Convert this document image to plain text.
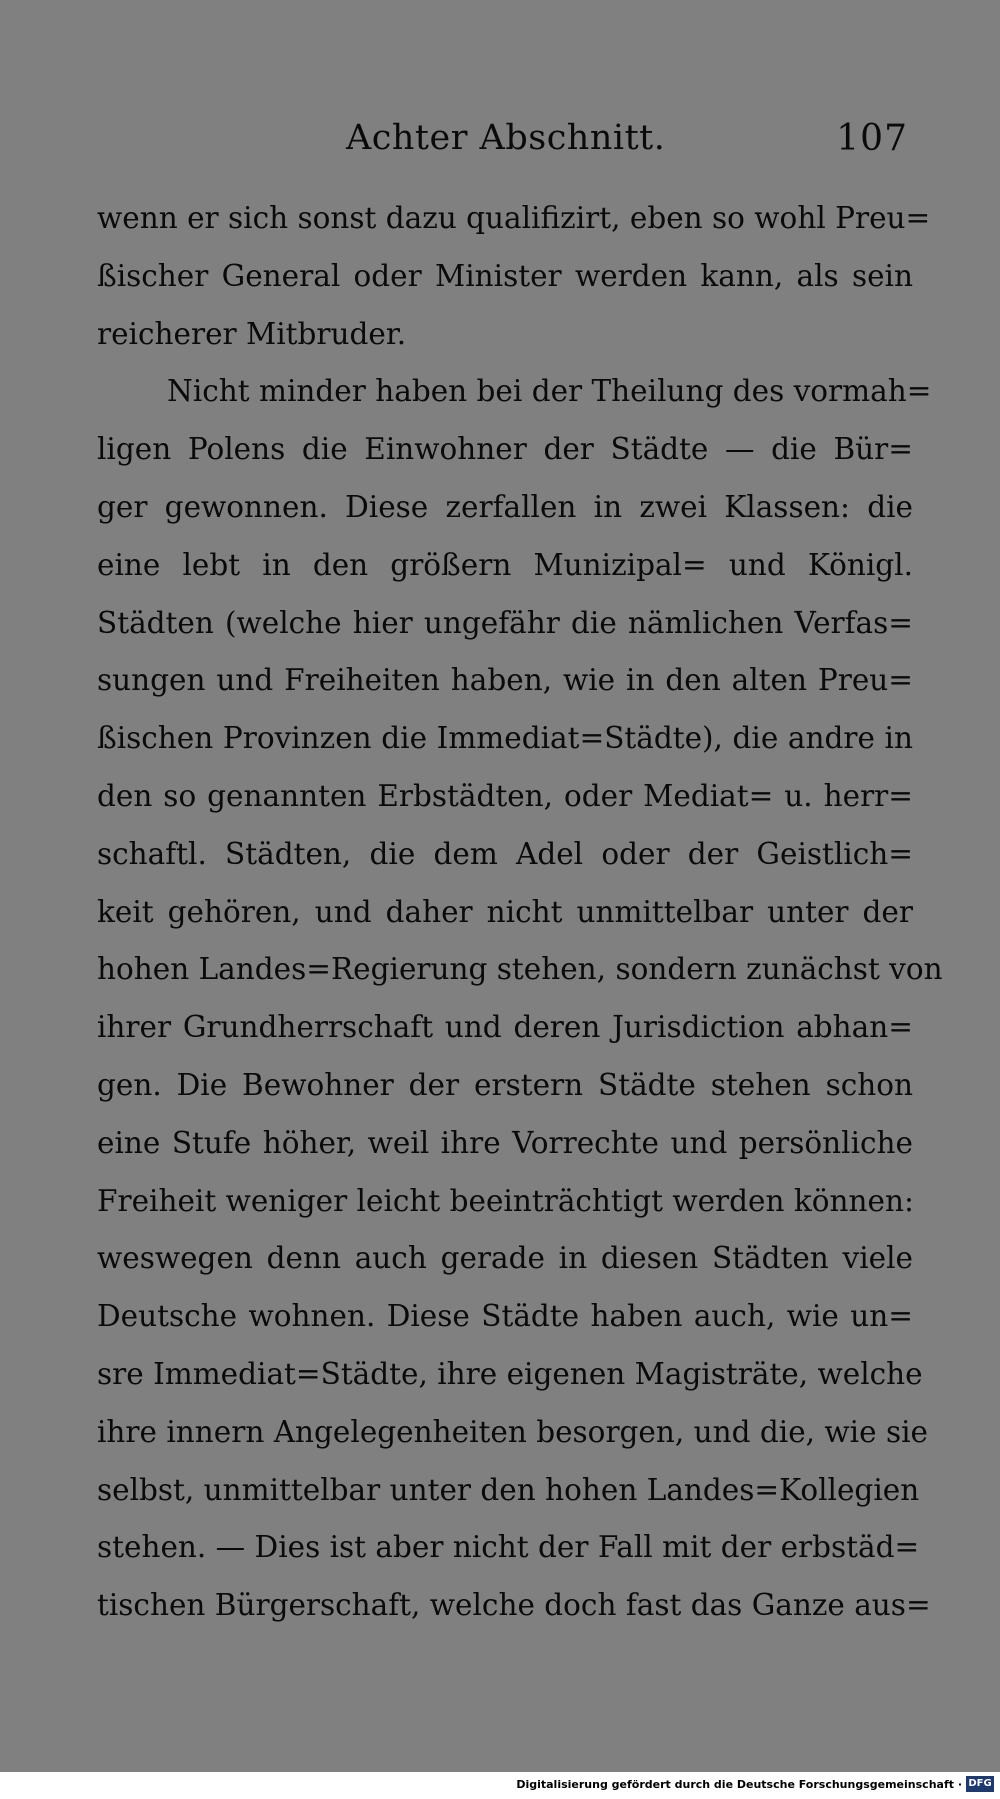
Achter Abschnitt.	107
wenn er sich sonst dazu qualifizirt, eben so wohl Preu=
ßischer General oder Minister werden kann, als sein
reicherer Mitbruder.
Nicht minder haben bei der Theilung des vormah=
ligen Polens die Einwohner der Städte — die Bür=
ger gewonnen. Diese zerfallen in zwei Klassen: die
eine lebt in den größern Munizipal= und Königl.
Städten (welche hier ungefähr die nämlichen Verfas=
sungen und Freiheiten haben, wie in den alten Preu=
ßischen Provinzen die Immediat=Städte), die andre in
den so genannten Erbstädten, oder Mediat= u. herr=
schaftl. Städten, die dem Adel oder der Geistlich=
keit gehören, und daher nicht unmittelbar unter der
hohen Landes=Regierung stehen, sondern zunächst von
ihrer Grundherrschaft und deren Jurisdiction abhan=
gen. Die Bewohner der erstern Städte stehen schon
eine Stufe höher, weil ihre Vorrechte und persönliche
Freiheit weniger leicht beeinträchtigt werden können:
weswegen denn auch gerade in diesen Städten viele
Deutsche wohnen. Diese Städte haben auch, wie un=
sre Immediat=Städte, ihre eigenen Magisträte, welche
ihre innern Angelegenheiten besorgen, und die, wie sie
selbst, unmittelbar unter den hohen Landes=Kollegien
stehen. — Dies ist aber nicht der Fall mit der erbstäd=
tischen Bürgerschaft, welche doch fast das Ganze aus=
Digitalisierung gefördert durch die Deutsche Forschungsgemeinschaft · DFG
